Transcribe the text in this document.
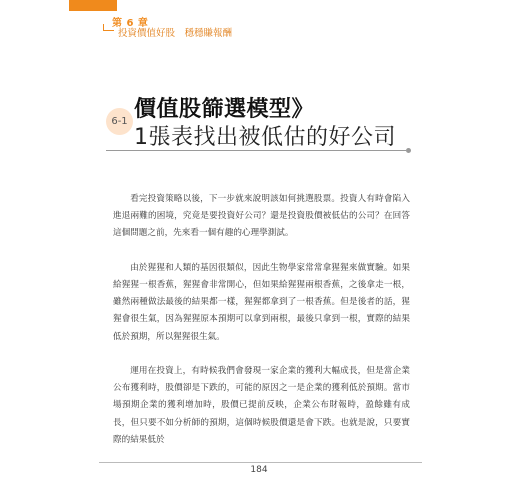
第 6 章
投資價值好股　穩穩賺報酬
6-1 價值股篩選模型》
1張表找出被低估的好公司

看完投資策略以後，下一步就來說明該如何挑選股票。投資人有時會陷入進退兩難的困境，究竟是要投資好公司？還是投資股價被低估的公司？在回答這個問題之前，先來看一個有趣的心理學測試。

由於猩猩和人類的基因很類似，因此生物學家常常拿猩猩來做實驗。如果給猩猩一根香蕉，猩猩會非常開心，但如果給猩猩兩根香蕉，之後拿走一根，雖然兩種做法最後的結果都一樣，猩猩都拿到了一根香蕉。但是後者的話，猩猩會很生氣，因為猩猩原本預期可以拿到兩根，最後只拿到一根，實際的結果低於預期，所以猩猩很生氣。

運用在投資上，有時候我們會發現一家企業的獲利大幅成長，但是當企業公布獲利時，股價卻是下跌的，可能的原因之一是企業的獲利低於預期。當市場預期企業的獲利增加時，股價已提前反映，企業公布財報時，盈餘雖有成長，但只要不如分析師的預期，這個時候股價還是會下跌。也就是說，只要實際的結果低於

184
